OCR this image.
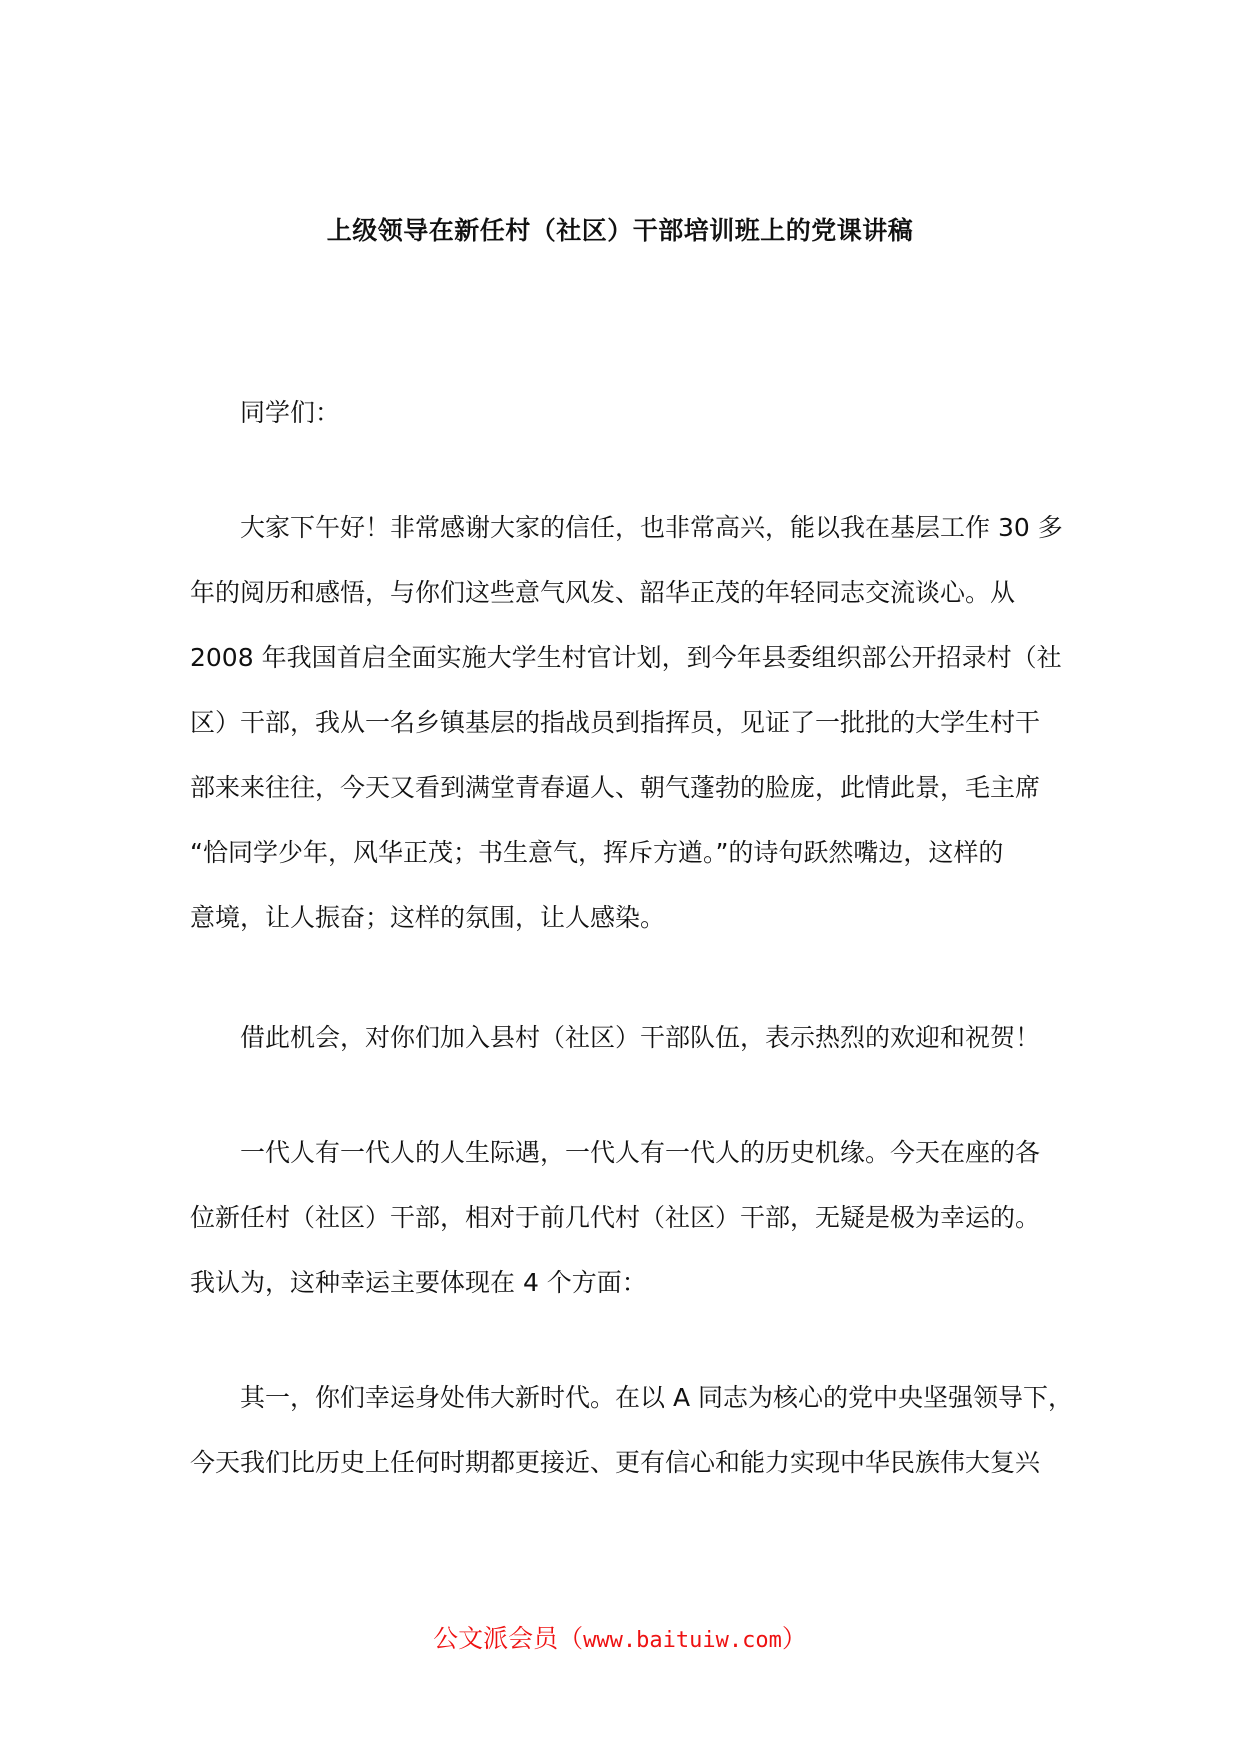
上级领导在新任村（社区）干部培训班上的党课讲稿
同学们：
大家下午好！非常感谢大家的信任，也非常高兴，能以我在基层工作 30 多
年的阅历和感悟，与你们这些意气风发、韶华正茂的年轻同志交流谈心。从
2008 年我国首启全面实施大学生村官计划，到今年县委组织部公开招录村（社
区）干部，我从一名乡镇基层的指战员到指挥员，见证了一批批的大学生村干
部来来往往，今天又看到满堂青春逼人、朝气蓬勃的脸庞，此情此景，毛主席
“恰同学少年，风华正茂；书生意气，挥斥方遒。”的诗句跃然嘴边，这样的
意境，让人振奋；这样的氛围，让人感染。
借此机会，对你们加入县村（社区）干部队伍，表示热烈的欢迎和祝贺！
一代人有一代人的人生际遇，一代人有一代人的历史机缘。今天在座的各
位新任村（社区）干部，相对于前几代村（社区）干部，无疑是极为幸运的。
我认为，这种幸运主要体现在 4 个方面：
其一，你们幸运身处伟大新时代。在以 A 同志为核心的党中央坚强领导下，
今天我们比历史上任何时期都更接近、更有信心和能力实现中华民族伟大复兴
公文派会员（www.baituiw.com）
